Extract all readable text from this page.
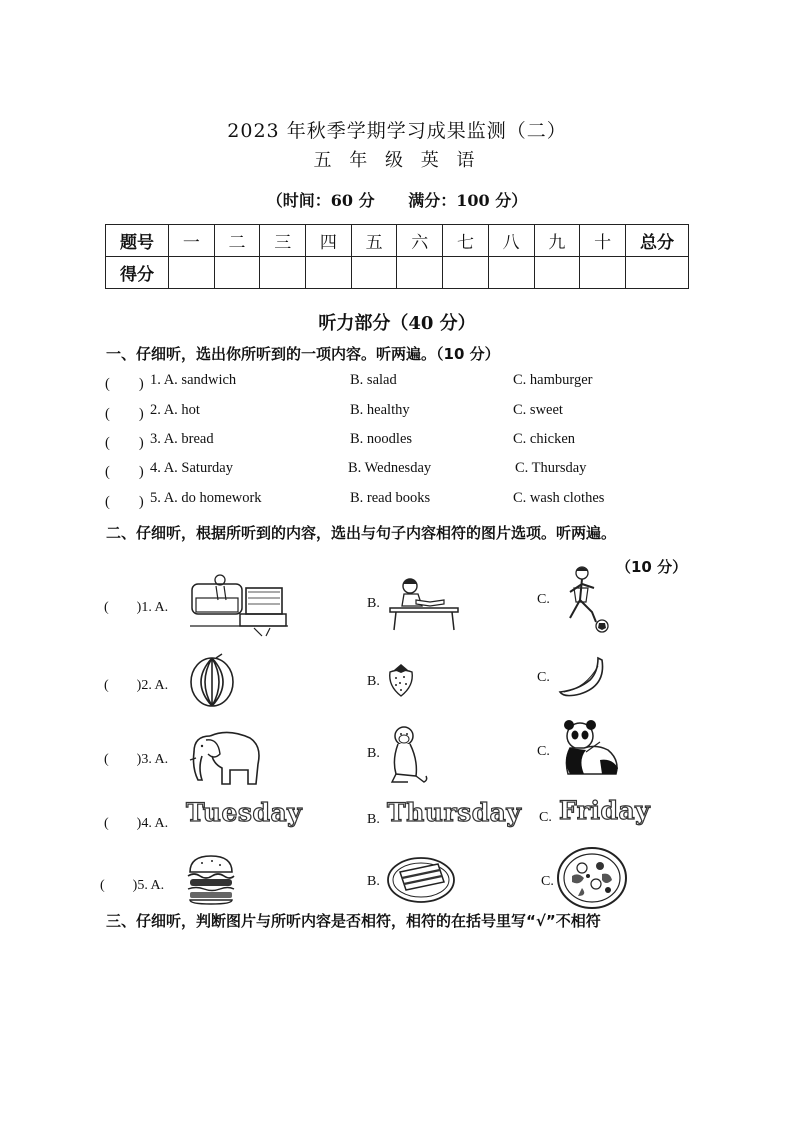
2023 年秋季学期学习成果监测（二）
五 年 级 英 语
（时间：60 分 满分：100 分）
题号	一	二	三	四	五	六	七	八	九	十	总分
得分											
听力部分（40 分）
一、仔细听，选出你所听到的一项内容。听两遍。（10 分）
(　　) 1. A. sandwich	B. salad	C. hamburger
(　　) 2. A. hot	B. healthy	C. sweet
(　　) 3. A. bread	B. noodles	C. chicken
(　　) 4. A. Saturday	B. Wednesday	C. Thursday
(　　) 5. A. do homework	B. read books	C. wash clothes
二、仔细听，根据所听到的内容，选出与句子内容相符的图片选项。听两遍。
（10 分）
(　　)1. A.	B.	C.
(　　)2. A.	B.	C.
(　　)3. A.	B.	C.
(　　)4. A. Tuesday	B. Thursday C. Friday
(　　)5. A.	B.	C.
三、仔细听，判断图片与所听内容是否相符，相符的在括号里写“√”不相符
